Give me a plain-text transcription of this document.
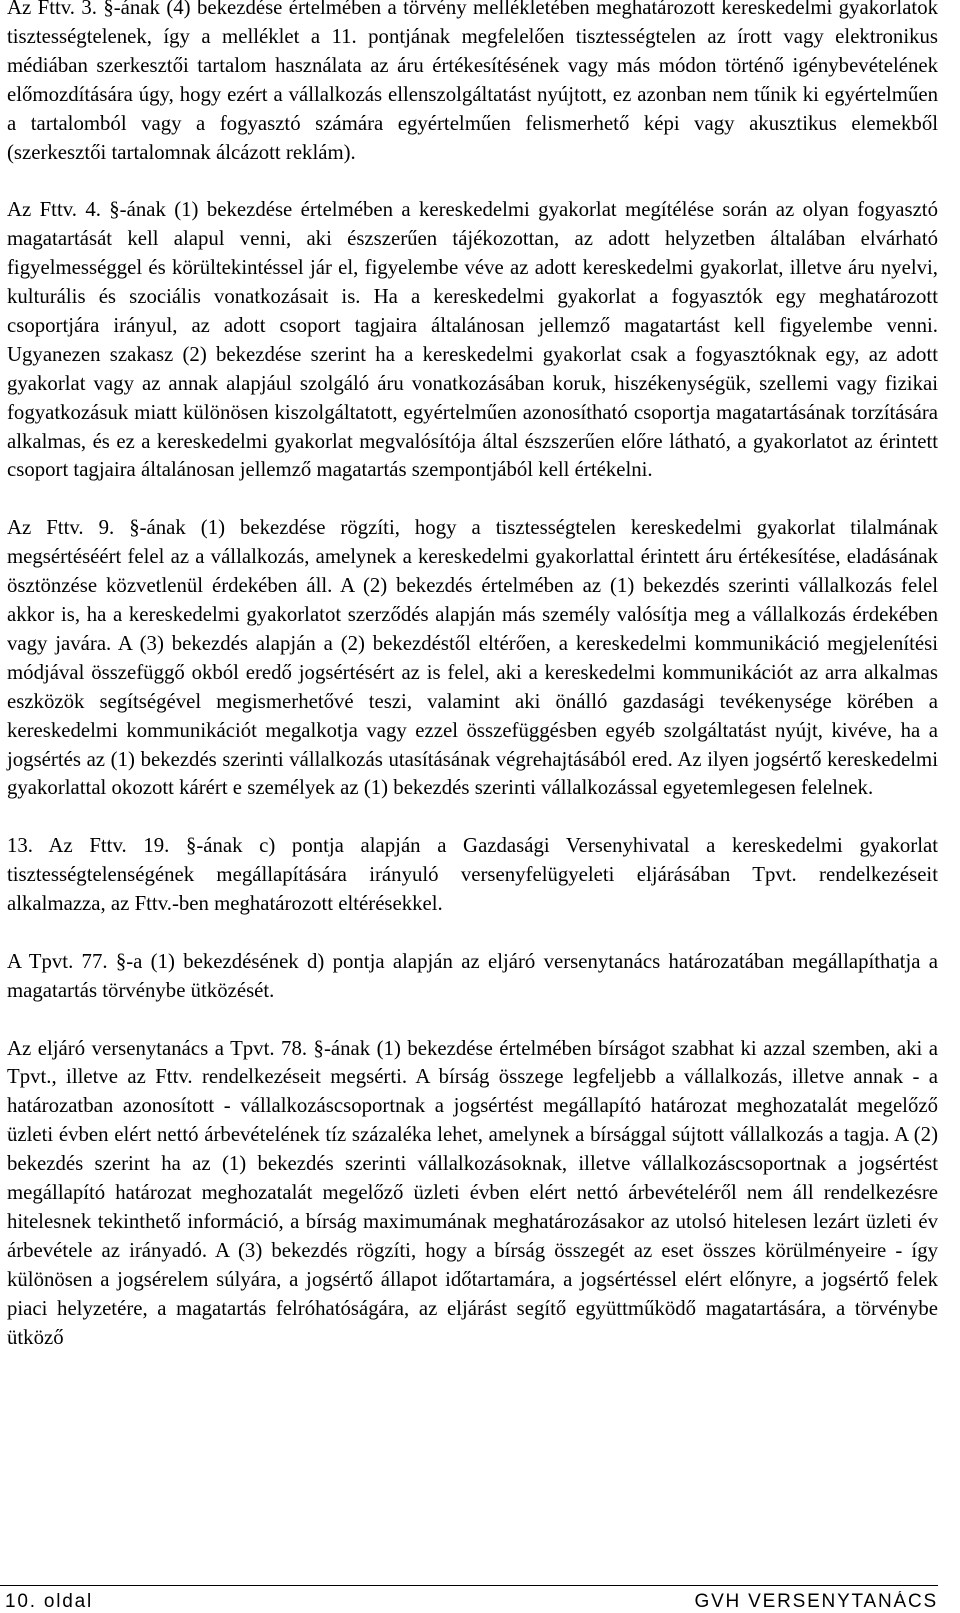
Az Fttv. 3. §-ának (4) bekezdése értelmében a törvény mellékletében meghatározott kereskedelmi gyakorlatok tisztességtelenek, így a melléklet a 11. pontjának megfelelően tisztességtelen az írott vagy elektronikus médiában szerkesztői tartalom használata az áru értékesítésének vagy más módon történő igénybevételének előmozdítására úgy, hogy ezért a vállalkozás ellenszolgáltatást nyújtott, ez azonban nem tűnik ki egyértelműen a tartalomból vagy a fogyasztó számára egyértelműen felismerhető képi vagy akusztikus elemekből (szerkesztői tartalomnak álcázott reklám).

Az Fttv. 4. §-ának (1) bekezdése értelmében a kereskedelmi gyakorlat megítélése során az olyan fogyasztó magatartását kell alapul venni, aki észszerűen tájékozottan, az adott helyzetben általában elvárható figyelmességgel és körültekintéssel jár el, figyelembe véve az adott kereskedelmi gyakorlat, illetve áru nyelvi, kulturális és szociális vonatkozásait is. Ha a kereskedelmi gyakorlat a fogyasztók egy meghatározott csoportjára irányul, az adott csoport tagjaira általánosan jellemző magatartást kell figyelembe venni. Ugyanezen szakasz (2) bekezdése szerint ha a kereskedelmi gyakorlat csak a fogyasztóknak egy, az adott gyakorlat vagy az annak alapjául szolgáló áru vonatkozásában koruk, hiszékenységük, szellemi vagy fizikai fogyatkozásuk miatt különösen kiszolgáltatott, egyértelműen azonosítható csoportja magatartásának torzítására alkalmas, és ez a kereskedelmi gyakorlat megvalósítója által észszerűen előre látható, a gyakorlatot az érintett csoport tagjaira általánosan jellemző magatartás szempontjából kell értékelni.

Az Fttv. 9. §-ának (1) bekezdése rögzíti, hogy a tisztességtelen kereskedelmi gyakorlat tilalmának megsértéséért felel az a vállalkozás, amelynek a kereskedelmi gyakorlattal érintett áru értékesítése, eladásának ösztönzése közvetlenül érdekében áll. A (2) bekezdés értelmében az (1) bekezdés szerinti vállalkozás felel akkor is, ha a kereskedelmi gyakorlatot szerződés alapján más személy valósítja meg a vállalkozás érdekében vagy javára. A (3) bekezdés alapján a (2) bekezdéstől eltérően, a kereskedelmi kommunikáció megjelenítési módjával összefüggő okból eredő jogsértésért az is felel, aki a kereskedelmi kommunikációt az arra alkalmas eszközök segítségével megismerhetővé teszi, valamint aki önálló gazdasági tevékenysége körében a kereskedelmi kommunikációt megalkotja vagy ezzel összefüggésben egyéb szolgáltatást nyújt, kivéve, ha a jogsértés az (1) bekezdés szerinti vállalkozás utasításának végrehajtásából ered. Az ilyen jogsértő kereskedelmi gyakorlattal okozott kárért e személyek az (1) bekezdés szerinti vállalkozással egyetemlegesen felelnek.

13. Az Fttv. 19. §-ának c) pontja alapján a Gazdasági Versenyhivatal a kereskedelmi gyakorlat tisztességtelenségének megállapítására irányuló versenyfelügyeleti eljárásában Tpvt. rendelkezéseit alkalmazza, az Fttv.-ben meghatározott eltérésekkel.

A Tpvt. 77. §-a (1) bekezdésének d) pontja alapján az eljáró versenytanács határozatában megállapíthatja a magatartás törvénybe ütközését.

Az eljáró versenytanács a Tpvt. 78. §-ának (1) bekezdése értelmében bírságot szabhat ki azzal szemben, aki a Tpvt., illetve az Fttv. rendelkezéseit megsérti. A bírság összege legfeljebb a vállalkozás, illetve annak - a határozatban azonosított - vállalkozáscsoportnak a jogsértést megállapító határozat meghozatalát megelőző üzleti évben elért nettó árbevételének tíz százaléka lehet, amelynek a bírsággal sújtott vállalkozás a tagja. A (2) bekezdés szerint ha az (1) bekezdés szerinti vállalkozásoknak, illetve vállalkozáscsoportnak a jogsértést megállapító határozat meghozatalát megelőző üzleti évben elért nettó árbevételéről nem áll rendelkezésre hitelesnek tekinthető információ, a bírság maximumának meghatározásakor az utolsó hitelesen lezárt üzleti év árbevétele az irányadó. A (3) bekezdés rögzíti, hogy a bírság összegét az eset összes körülményeire - így különösen a jogsérelem súlyára, a jogsértő állapot időtartamára, a jogsértéssel elért előnyre, a jogsértő felek piaci helyzetére, a magatartás felróhatóságára, az eljárást segítő együttműködő magatartására, a törvénybe ütköző

10. oldal	GVH VERSENYTANÁCS
